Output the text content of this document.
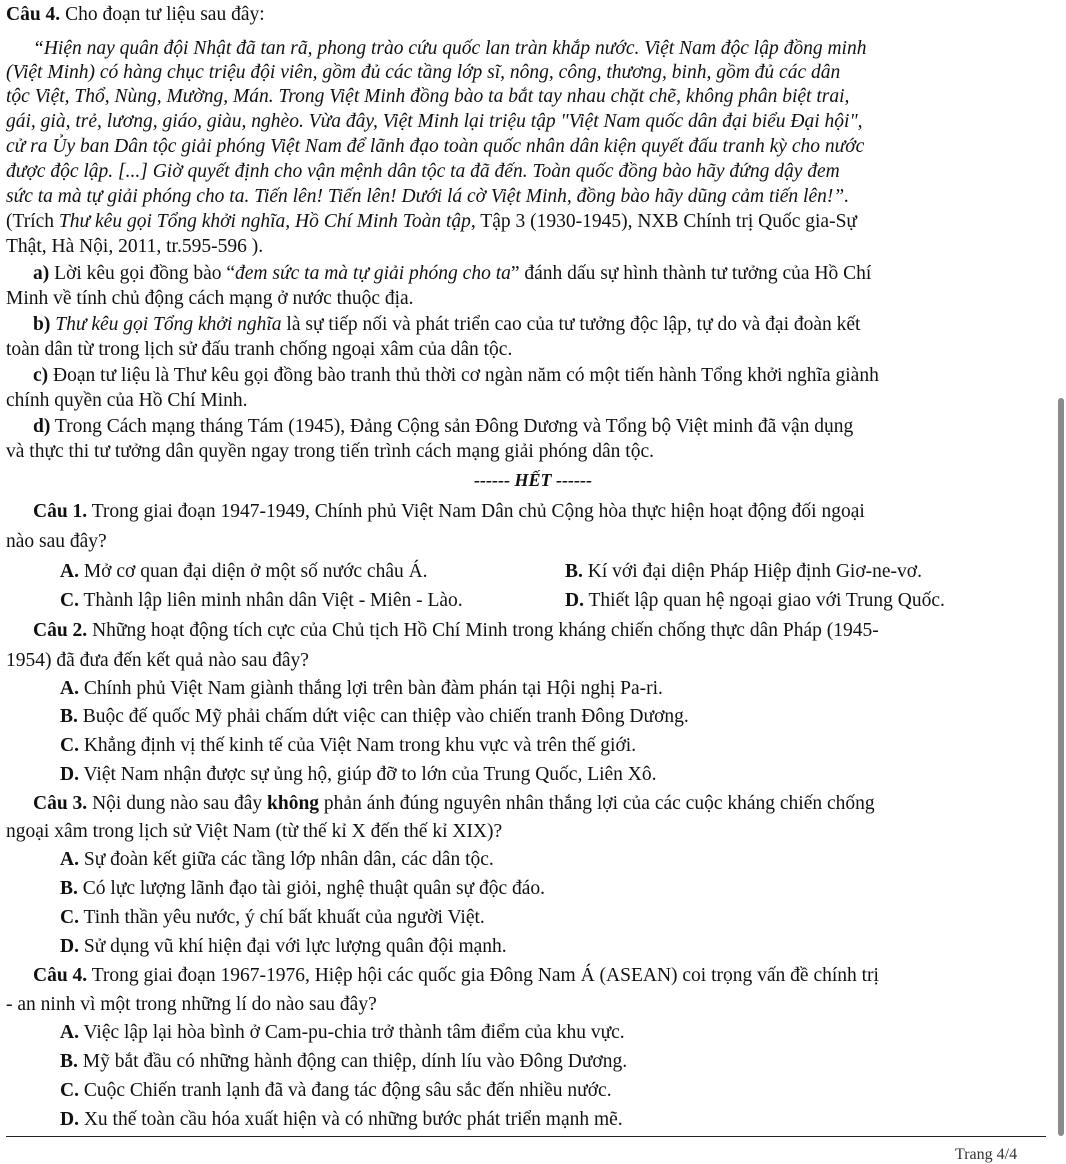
Câu 4. Cho đoạn tư liệu sau đây:
“Hiện nay quân đội Nhật đã tan rã, phong trào cứu quốc lan tràn khắp nước. Việt Nam độc lập đồng minh
(Việt Minh) có hàng chục triệu đội viên, gồm đủ các tầng lớp sĩ, nông, công, thương, binh, gồm đủ các dân
tộc Việt, Thổ, Nùng, Mường, Mán. Trong Việt Minh đồng bào ta bắt tay nhau chặt chẽ, không phân biệt trai,
gái, già, trẻ, lương, giáo, giàu, nghèo. Vừa đây, Việt Minh lại triệu tập "Việt Nam quốc dân đại biểu Đại hội",
cử ra Ủy ban Dân tộc giải phóng Việt Nam để lãnh đạo toàn quốc nhân dân kiện quyết đấu tranh kỳ cho nước
được độc lập. [...] Giờ quyết định cho vận mệnh dân tộc ta đã đến. Toàn quốc đồng bào hãy đứng dậy đem
sức ta mà tự giải phóng cho ta. Tiến lên! Tiến lên! Dưới lá cờ Việt Minh, đồng bào hãy dũng cảm tiến lên!”.
(Trích Thư kêu gọi Tổng khởi nghĩa, Hồ Chí Minh Toàn tập, Tập 3 (1930-1945), NXB Chính trị Quốc gia-Sự
Thật, Hà Nội, 2011, tr.595-596 ).
a) Lời kêu gọi đồng bào “đem sức ta mà tự giải phóng cho ta” đánh dấu sự hình thành tư tưởng của Hồ Chí
Minh về tính chủ động cách mạng ở nước thuộc địa.
b) Thư kêu gọi Tổng khởi nghĩa là sự tiếp nối và phát triển cao của tư tưởng độc lập, tự do và đại đoàn kết
toàn dân từ trong lịch sử đấu tranh chống ngoại xâm của dân tộc.
c) Đoạn tư liệu là Thư kêu gọi đồng bào tranh thủ thời cơ ngàn năm có một tiến hành Tổng khởi nghĩa giành
chính quyền của Hồ Chí Minh.
d) Trong Cách mạng tháng Tám (1945), Đảng Cộng sản Đông Dương và Tổng bộ Việt minh đã vận dụng
và thực thi tư tưởng dân quyền ngay trong tiến trình cách mạng giải phóng dân tộc.
------ HẾT ------
Câu 1. Trong giai đoạn 1947-1949, Chính phủ Việt Nam Dân chủ Cộng hòa thực hiện hoạt động đối ngoại
nào sau đây?
A. Mở cơ quan đại diện ở một số nước châu Á.	B. Kí với đại diện Pháp Hiệp định Giơ-ne-vơ.
C. Thành lập liên minh nhân dân Việt - Miên - Lào.	D. Thiết lập quan hệ ngoại giao với Trung Quốc.
Câu 2. Những hoạt động tích cực của Chủ tịch Hồ Chí Minh trong kháng chiến chống thực dân Pháp (1945-
1954) đã đưa đến kết quả nào sau đây?
A. Chính phủ Việt Nam giành thắng lợi trên bàn đàm phán tại Hội nghị Pa-ri.
B. Buộc đế quốc Mỹ phải chấm dứt việc can thiệp vào chiến tranh Đông Dương.
C. Khẳng định vị thế kinh tế của Việt Nam trong khu vực và trên thế giới.
D. Việt Nam nhận được sự ủng hộ, giúp đỡ to lớn của Trung Quốc, Liên Xô.
Câu 3. Nội dung nào sau đây không phản ánh đúng nguyên nhân thắng lợi của các cuộc kháng chiến chống
ngoại xâm trong lịch sử Việt Nam (từ thế kỉ X đến thế kỉ XIX)?
A. Sự đoàn kết giữa các tầng lớp nhân dân, các dân tộc.
B. Có lực lượng lãnh đạo tài giỏi, nghệ thuật quân sự độc đáo.
C. Tinh thần yêu nước, ý chí bất khuất của người Việt.
D. Sử dụng vũ khí hiện đại với lực lượng quân đội mạnh.
Câu 4. Trong giai đoạn 1967-1976, Hiệp hội các quốc gia Đông Nam Á (ASEAN) coi trọng vấn đề chính trị
- an ninh vì một trong những lí do nào sau đây?
A. Việc lập lại hòa bình ở Cam-pu-chia trở thành tâm điểm của khu vực.
B. Mỹ bắt đầu có những hành động can thiệp, dính líu vào Đông Dương.
C. Cuộc Chiến tranh lạnh đã và đang tác động sâu sắc đến nhiều nước.
D. Xu thế toàn cầu hóa xuất hiện và có những bước phát triển mạnh mẽ.
Trang 4/4
